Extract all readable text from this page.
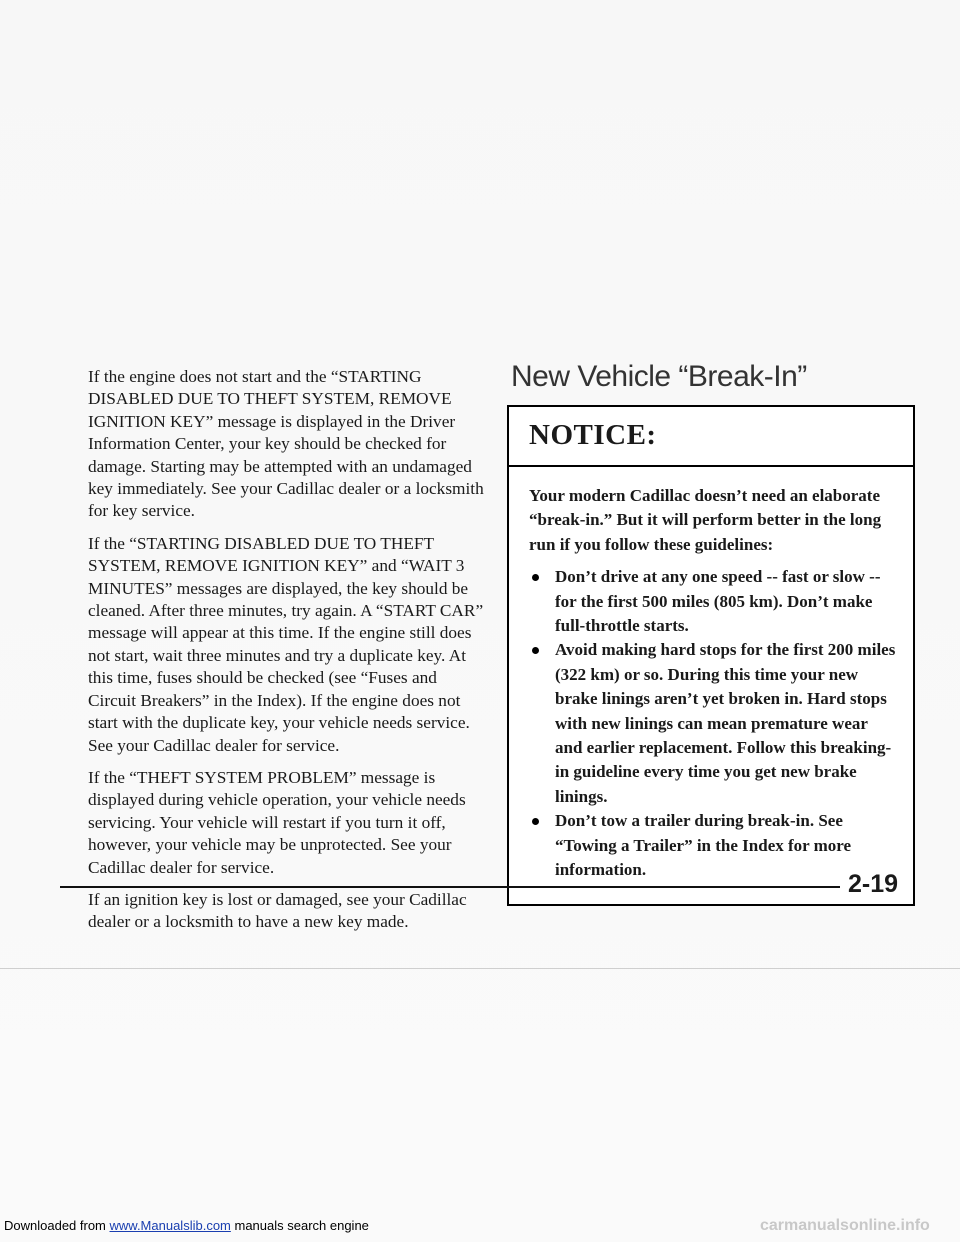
If the engine does not start and the “STARTING DISABLED DUE TO THEFT SYSTEM, REMOVE IGNITION KEY” message is displayed in the Driver Information Center, your key should be checked for damage. Starting may be attempted with an undamaged key immediately. See your Cadillac dealer or a locksmith for key service.

If the “STARTING DISABLED DUE TO THEFT SYSTEM, REMOVE IGNITION KEY” and “WAIT 3 MINUTES” messages are displayed, the key should be cleaned. After three minutes, try again. A “START CAR” message will appear at this time. If the engine still does not start, wait three minutes and try a duplicate key. At this time, fuses should be checked (see “Fuses and Circuit Breakers” in the Index). If the engine does not start with the duplicate key, your vehicle needs service. See your Cadillac dealer for service.

If the “THEFT SYSTEM PROBLEM” message is displayed during vehicle operation, your vehicle needs servicing. Your vehicle will restart if you turn it off, however, your vehicle may be unprotected. See your Cadillac dealer for service.

If an ignition key is lost or damaged, see your Cadillac dealer or a locksmith to have a new key made.

New Vehicle “Break-In”
NOTICE:

Your modern Cadillac doesn’t need an elaborate “break-in.” But it will perform better in the long run if you follow these guidelines:

Don’t drive at any one speed -- fast or slow -- for the first 500 miles (805 km). Don’t make full-throttle starts.
Avoid making hard stops for the first 200 miles (322 km) or so. During this time your new brake linings aren’t yet broken in. Hard stops with new linings can mean premature wear and earlier replacement. Follow this breaking-in guideline every time you get new brake linings.
Don’t tow a trailer during break-in. See “Towing a Trailer” in the Index for more information.
2-19
Downloaded from www.Manualslib.com manuals search engine	carmanualsonline.info
